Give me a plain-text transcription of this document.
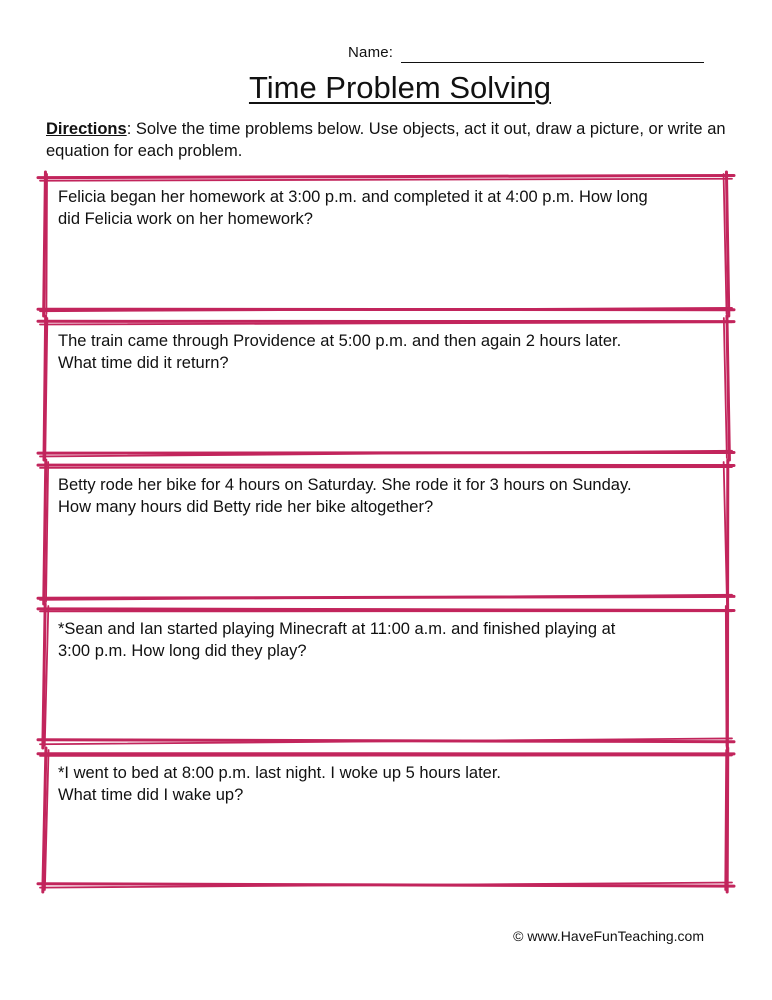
Name:
Time Problem Solving
Directions: Solve the time problems below. Use objects, act it out, draw a picture, or write an equation for each problem.
Felicia began her homework at 3:00 p.m. and completed it at 4:00 p.m. How long
did Felicia work on her homework?
The train came through Providence at 5:00 p.m. and then again 2 hours later.
What time did it return?
Betty rode her bike for 4 hours on Saturday. She rode it for 3 hours on Sunday.
How many hours did Betty ride her bike altogether?
*Sean and Ian started playing Minecraft at 11:00 a.m. and finished playing at
3:00 p.m. How long did they play?
*I went to bed at 8:00 p.m. last night. I woke up 5 hours later.
What time did I wake up?
© www.HaveFunTeaching.com
